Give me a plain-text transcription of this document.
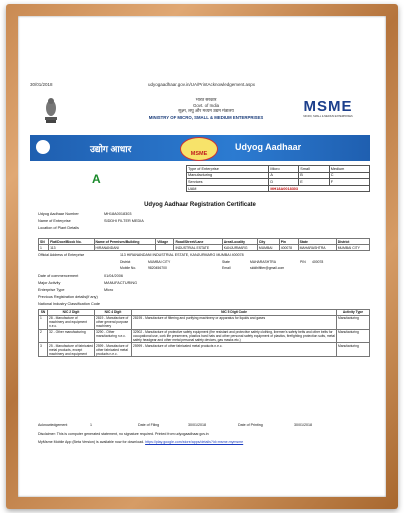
30/01/2018	udyogaadhaar.gov.in/UA/PrintAcknowledgement.aspx
भारत सरकार
Govt. of India
सूक्ष्म, लघु और मध्यम उद्यम मंत्रालय
MINISTRY OF MICRO, SMALL & MEDIUM ENTERPRISES
MSME
MICRO, SMALL & MEDIUM ENTERPRISES
उद्योग आधार	MSME
Udyog Aadhaar
A
Type of Enterprise	Micro	Small	Medium
Manufacturing	A	B	C
Services	D	E	F
UAM	MH18A0018303		
Udyog Aadhaar Registration Certificate
Udyog Aadhaar Number	MH18A0018303
Name of Enterprise	SIDDHI FILTER MEDIA
Location of Plant Details
SN	Flat/Door/Block No.	Name of Premises/Building	Village	Road/Street/Lane	Area/Locality	City	Pin	State	District
1	113	HIRANANDANI		INDUSTRIAL ESTATE	KANJURMARG	MUMBAI	400078	MAHARASHTRA	MUMBAI CITY
Official Address of Enterprise	113 HIRANANDANI INDUSTRIAL ESTATE, KANJURMARG MUMBAI 400078
District	MUMBAI CITY	State	MAHARASHTRA	PIN 400078
Mobile No.	9820456700	Email	siddhifilter@gmail.com
Date of commencement	01/04/2006
Major Activity	MANUFACTURING
Enterprise Type	Micro
Previous Registration details(if any)
National Industry Classification Code
SN	NIC 2 Digit	NIC 4 Digit	NIC 5 Digit Code	Activity Type
1	28 - Manufacture of machinery and equipment n.e.c.	2819 - Manufacture of other general purpose machinery	28195 - Manufacture of filtering and purifying machinery or apparatus for liquids and gases	Manufacturing
2	32 - Other manufacturing	3290 - Other manufacturing n.e.c.	32902 - Manufacture of protective safety equipment (fire resistant and protective safety clothing, linemen's safety belts and other belts for occupational use, cork life preservers, plastics hard hats and other personal safety equipment of plastics, firefighting protection suits, metal safety headgear and other metal personal safety devices, gas masks etc.)	Manufacturing
3	25 - Manufacture of fabricated metal products, except machinery and equipment	2599 - Manufacture of other fabricated metal products n.e.c.	25999 - Manufacture of other fabricated metal products n.e.c.	Manufacturing
Acknowledgement	1	Date of Filing	30/01/2018	Date of Printing	30/01/2018
Disclaimer: This is computer generated statement, no signature required. Printed from udyogaadhaar.gov.in
MyMsme Mobile App (Beta Version) is available now for download. https://play.google.com/store/apps/details?id=msme.mymsme
